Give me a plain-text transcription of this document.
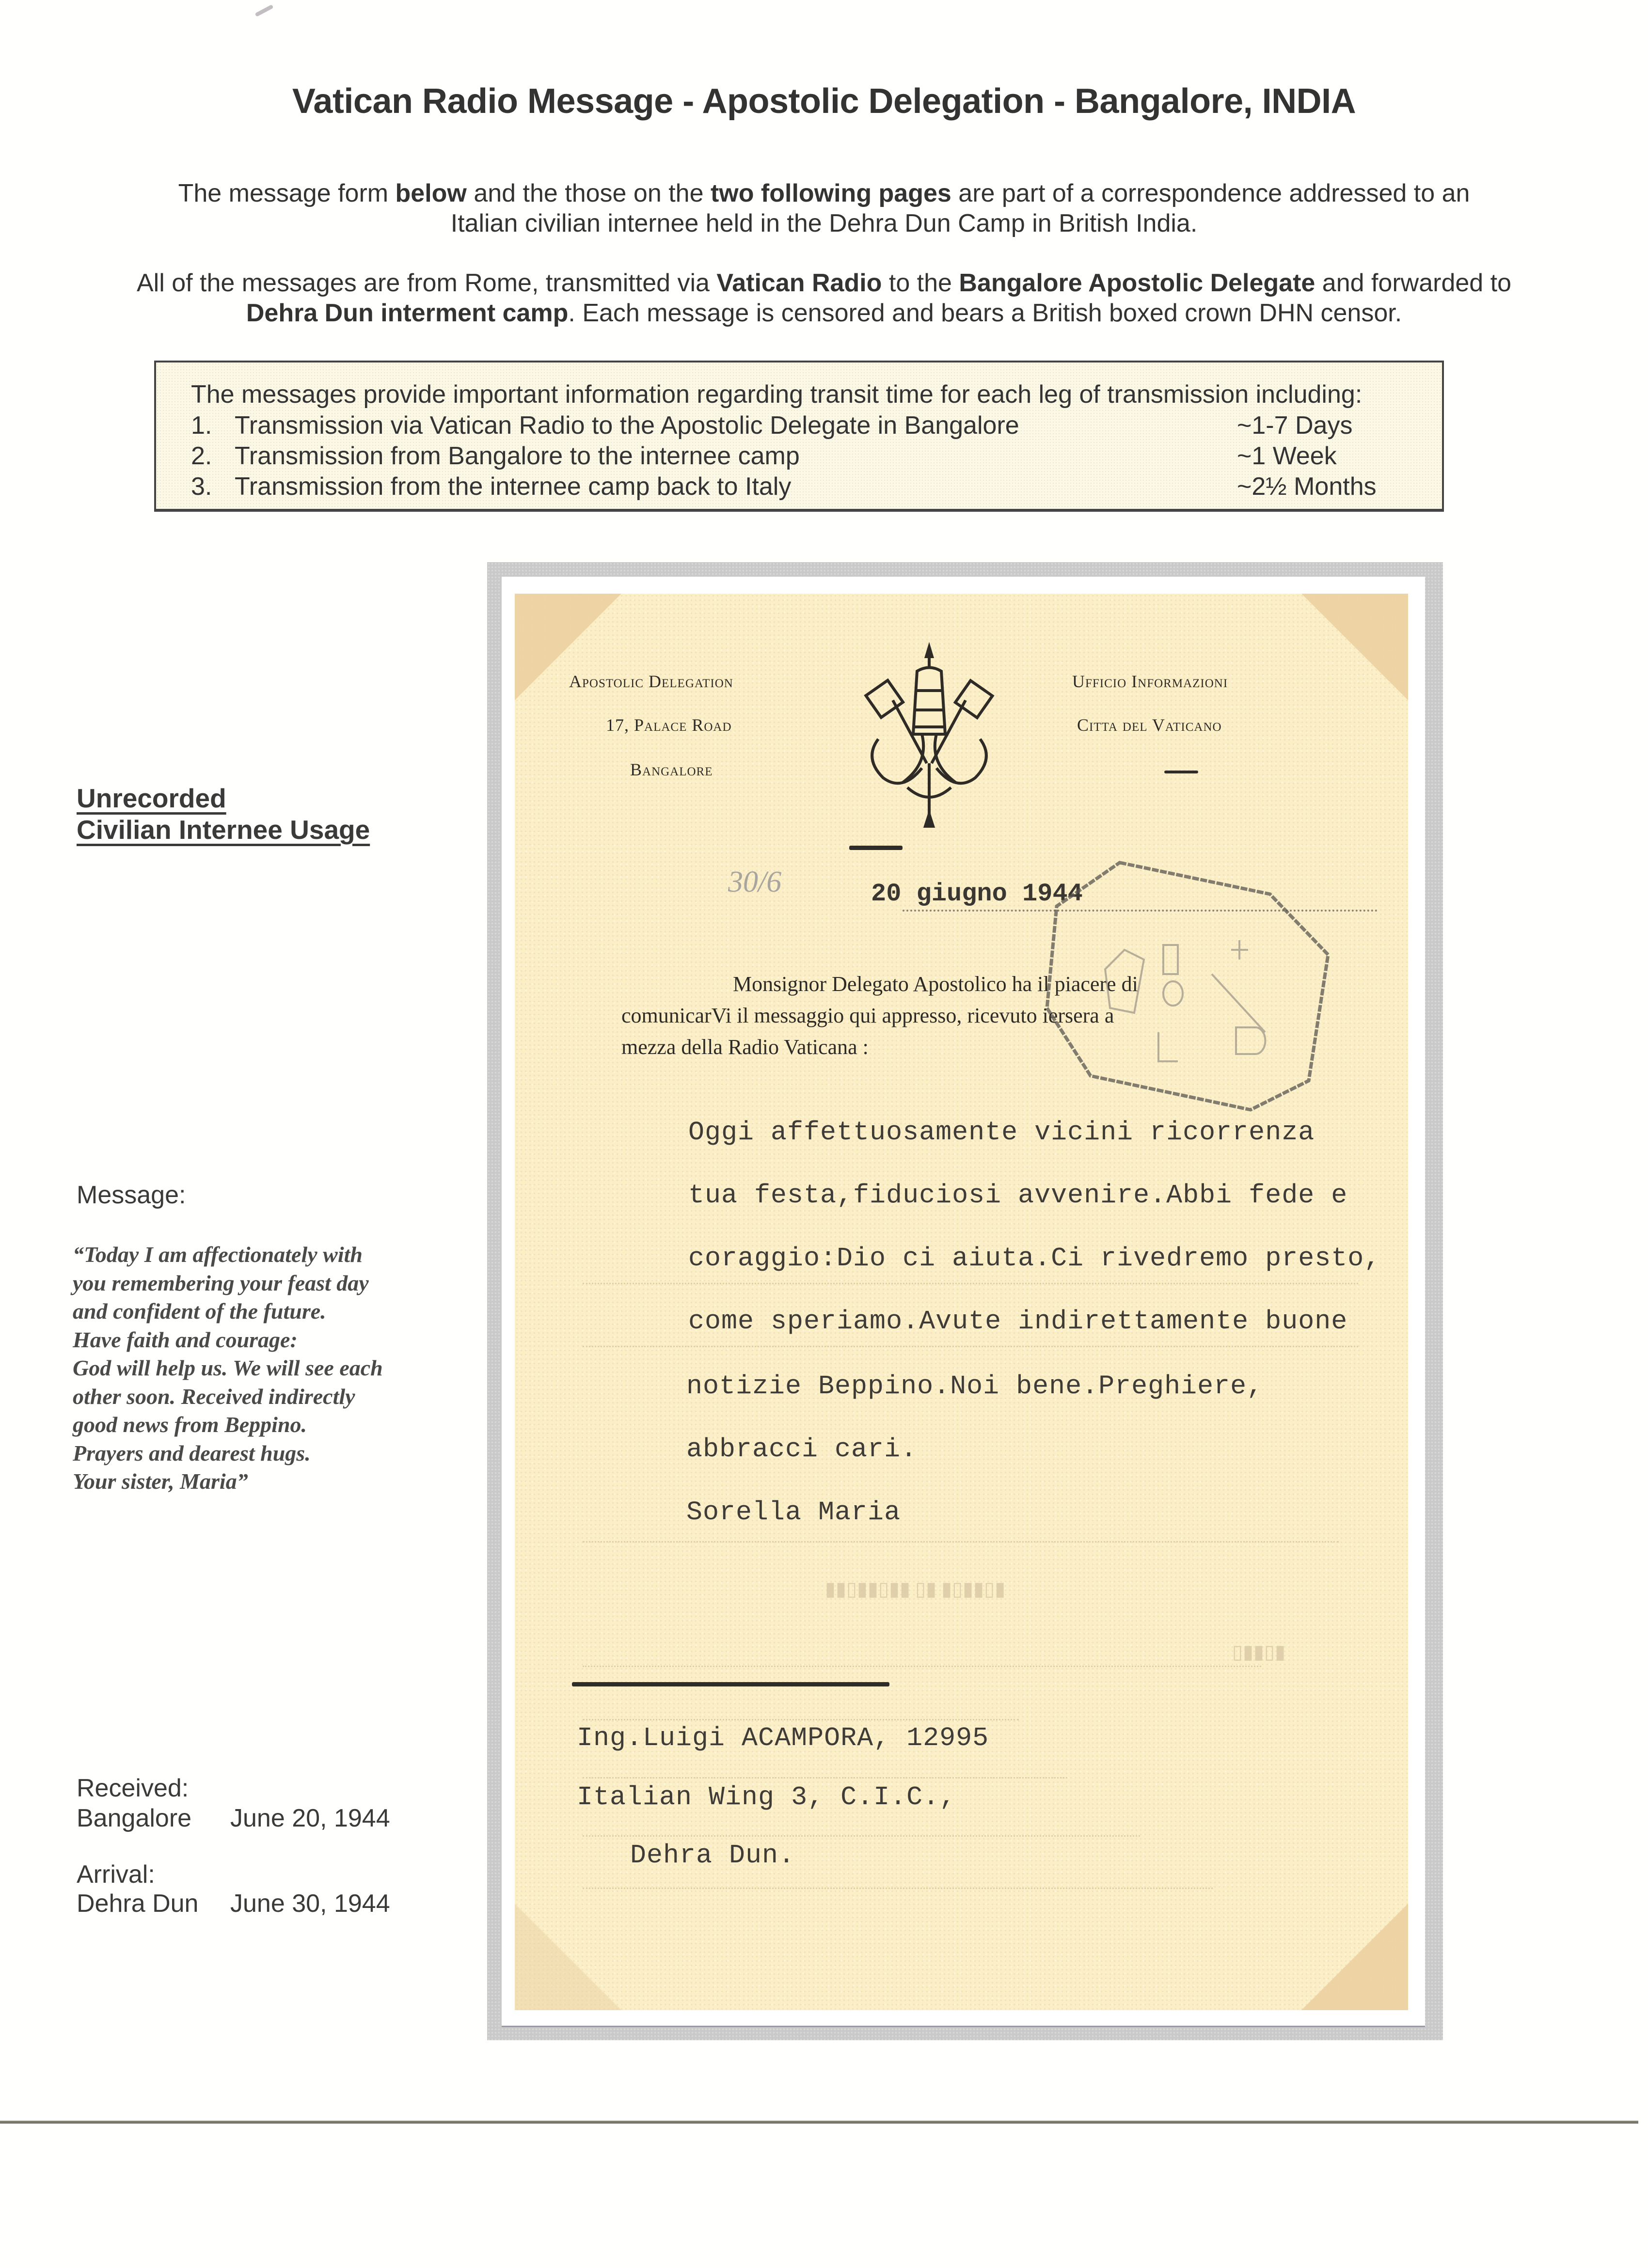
Vatican Radio Message - Apostolic Delegation - Bangalore, INDIA
The message form below and the those on the two following pages are part of a correspondence addressed to an
Italian civilian internee held in the Dehra Dun Camp in British India.
All of the messages are from Rome, transmitted via Vatican Radio to the Bangalore Apostolic Delegate and forwarded to
Dehra Dun interment camp. Each message is censored and bears a British boxed crown DHN censor.
The messages provide important information regarding transit time for each leg of transmission including:
1. Transmission via Vatican Radio to the Apostolic Delegate in Bangalore	~1-7 Days
2. Transmission from Bangalore to the internee camp	~1 Week
3. Transmission from the internee camp back to Italy	~2½ Months
Unrecorded
Civilian Internee Usage
Message:
“Today I am affectionately with
you remembering your feast day
and confident of the future.
Have faith and courage:
God will help us. We will see each
other soon. Received indirectly
good news from Beppino.
Prayers and dearest hugs.
Your sister, Maria”
Received:
Bangalore June 20, 1944
Arrival:
Dehra Dun June 30, 1944
Apostolic Delegation
17, Palace Road
Bangalore
Ufficio Informazioni
Citta del Vaticano
30/6	20 giugno 1944
Monsignor Delegato Apostolico ha il piacere di
comunicarVi il messaggio qui appresso, ricevuto iersera a
mezza della Radio Vaticana :
Oggi affettuosamente vicini ricorrenza
tua festa,fiduciosi avvenire.Abbi fede e
coraggio:Dio ci aiuta.Ci rivedremo presto,
come speriamo.Avute indirettamente buone
notizie Beppino.Noi bene.Preghiere,
abbracci cari.
Sorella Maria
▮▯▮▮▯▮ ▮▯ ▮▮▯▮▮▯▮▮
▮▯▮▮▯
Ing.Luigi ACAMPORA, 12995
Italian Wing 3, C.I.C.,
Dehra Dun.
